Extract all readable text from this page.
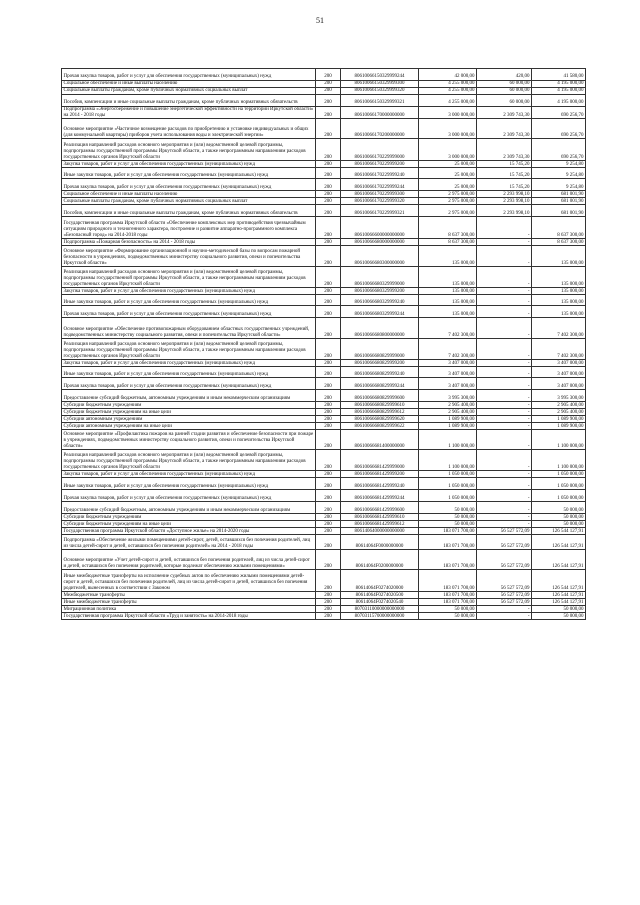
51
Прочая закупка товаров, работ и услуг для обеспечения государственных (муниципальных) нужд	200	80610066150329999244	42 000,00	420,00	41 580,00
Социальное обеспечение и иные выплаты населению	200	80610066150329999300	4 255 000,00	60 000,00	4 195 000,00
Социальные выплаты гражданам, кроме публичных нормативных социальных выплат	200	80610066150329999320	4 255 000,00	60 000,00	4 195 000,00
Пособия, компенсации и иные социальные выплаты гражданам, кроме публичных нормативных обязательств	200	80610066150329999321	4 255 000,00	60 000,00	4 195 000,00
Подпрограмма «Энергосбережение и повышение энергетической эффективности на территории Иркутской области» на 2014 - 2018 годы	200	80610066170000000000	3 000 000,00	2 309 743,30	690 256,70
Основное мероприятие «Частичное возмещение расходов по приобретению и установке индивидуальных и общих (для коммунальной квартиры) приборов учета использования воды и электрической энергии»	200	80610066170200000000	3 000 000,00	2 309 743,30	690 256,70
Реализация направлений расходов основного мероприятия и (или) ведомственной целевой программы, подпрограммы государственной программы Иркутской области, а также непрограммным направлениям расходов государственных органов Иркутской области	200	80610066170229999000	3 000 000,00	2 309 743,30	690 256,70
Закупка товаров, работ и услуг для обеспечения государственных (муниципальных) нужд	200	80610066170229999200	25 000,00	15 745,20	9 254,80
Иные закупки товаров, работ и услуг для обеспечения государственных (муниципальных) нужд	200	80610066170229999240	25 000,00	15 745,20	9 254,80
Прочая закупка товаров, работ и услуг для обеспечения государственных (муниципальных) нужд	200	80610066170229999244	25 000,00	15 745,20	9 254,80
Социальное обеспечение и иные выплаты населению	200	80610066170229999300	2 975 000,00	2 293 998,10	681 001,90
Социальные выплаты гражданам, кроме публичных нормативных социальных выплат	200	80610066170229999320	2 975 000,00	2 293 998,10	681 001,90
Пособия, компенсации и иные социальные выплаты гражданам, кроме публичных нормативных обязательств	200	80610066170229999321	2 975 000,00	2 293 998,10	681 001,90
Государственная программа Иркутской области «Обеспечение комплексных мер противодействия чрезвычайным ситуациям природного и техногенного характера, построение и развитие аппаратно-программного комплекса «Безопасный город» на 2014-2018 годы	200	80610066600000000000	8 637 300,00	-	8 637 300,00
Подпрограмма «Пожарная безопасность» на 2014 - 2018 годы	200	80610066680000000000	8 637 300,00	-	8 637 300,00
Основное мероприятие «Формирование организационной и научно-методической базы по вопросам пожарной безопасности в учреждениях, подведомственных министерству социального развития, опеки и попечительства Иркутской области»	200	80610066680300000000	135 000,00	-	135 000,00
Реализация направлений расходов основного мероприятия и (или) ведомственной целевой программы, подпрограммы государственной программы Иркутской области, а также непрограммным направлениям расходов государственных органов Иркутской области	200	80610066680329999000	135 000,00	-	135 000,00
Закупка товаров, работ и услуг для обеспечения государственных (муниципальных) нужд	200	80610066680329999200	135 000,00	-	135 000,00
Иные закупки товаров, работ и услуг для обеспечения государственных (муниципальных) нужд	200	80610066680329999240	135 000,00	-	135 000,00
Прочая закупка товаров, работ и услуг для обеспечения государственных (муниципальных) нужд	200	80610066680329999244	135 000,00	-	135 000,00
Основное мероприятие «Обеспечение противопожарным оборудованием областных государственных учреждений, подведомственных министерству социального развития, опеки и попечительства Иркутской области»	200	80610066680800000000	7 402 300,00	-	7 402 300,00
Реализация направлений расходов основного мероприятия и (или) ведомственной целевой программы, подпрограммы государственной программы Иркутской области, а также непрограммным направлениям расходов государственных органов Иркутской области	200	80610066680829999000	7 402 300,00	-	7 402 300,00
Закупка товаров, работ и услуг для обеспечения государственных (муниципальных) нужд	200	80610066680829999200	3 407 000,00	-	3 407 000,00
Иные закупки товаров, работ и услуг для обеспечения государственных (муниципальных) нужд	200	80610066680829999240	3 407 000,00	-	3 407 000,00
Прочая закупка товаров, работ и услуг для обеспечения государственных (муниципальных) нужд	200	80610066680829999244	3 407 000,00	-	3 407 000,00
Предоставление субсидий бюджетным, автономным учреждениям и иным некоммерческим организациям	200	80610066680829999600	3 995 300,00	-	3 995 300,00
Субсидии бюджетным учреждениям	200	80610066680829999610	2 905 400,00	-	2 905 400,00
Субсидии бюджетным учреждениям на иные цели	200	80610066680829999612	2 905 400,00	-	2 905 400,00
Субсидии автономным учреждениям	200	80610066680829999620	1 089 900,00	-	1 089 900,00
Субсидии автономным учреждениям на иные цели	200	80610066680829999622	1 089 900,00	-	1 089 900,00
Основное мероприятие «Профилактика пожаров на ранней стадии развития и обеспечение безопасности при пожаре в учреждениях, подведомственных министерству социального развития, опеки и попечительства Иркутской области»	200	80610066681400000000	1 100 000,00	-	1 100 000,00
Реализация направлений расходов основного мероприятия и (или) ведомственной целевой программы, подпрограммы государственной программы Иркутской области, а также непрограммным направлениям расходов государственных органов Иркутской области	200	80610066681429999000	1 100 000,00	-	1 100 000,00
Закупка товаров, работ и услуг для обеспечения государственных (муниципальных) нужд	200	80610066681429999200	1 050 000,00	-	1 050 000,00
Иные закупки товаров, работ и услуг для обеспечения государственных (муниципальных) нужд	200	80610066681429999240	1 050 000,00	-	1 050 000,00
Прочая закупка товаров, работ и услуг для обеспечения государственных (муниципальных) нужд	200	80610066681429999244	1 050 000,00	-	1 050 000,00
Предоставление субсидий бюджетным, автономным учреждениям и иным некоммерческим организациям	200	80610066681429999600	50 000,00	-	50 000,00
Субсидии бюджетным учреждениям	200	80610066681429999610	50 000,00	-	50 000,00
Субсидии бюджетным учреждениям на иные цели	200	80610066681429999612	50 000,00	-	50 000,00
Государственная программа Иркутской области «Доступное жилье» на 2014-2020 годы	200	80614064000000000000	183 071 700,00	56 527 572,09	126 544 127,91
Подпрограмма «Обеспечение жилыми помещениями детей-сирот, детей, оставшихся без попечения родителей, лиц из числа детей-сирот и детей, оставшихся без попечения родителей» на 2014 - 2018 годы	200	80614064F0000000000	183 071 700,00	56 527 572,09	126 544 127,91
Основное мероприятие «Учет детей-сирот и детей, оставшихся без попечения родителей, лиц из числа детей-сирот и детей, оставшихся без попечения родителей, которые подлежат обеспечению жилыми помещениями»	200	80614064F0200000000	183 071 700,00	56 527 572,09	126 544 127,91
Иные межбюджетные трансферты на исполнение судебных актов по обеспечению жилыми помещениями детей-сирот и детей, оставшихся без попечения родителей, лиц из числа детей-сирот и детей, оставшихся без попечения родителей, вынесенных в соответствии с Законом	200	80614064F0274020000	183 071 700,00	56 527 572,09	126 544 127,91
Межбюджетные трансферты	200	80614064F0274020500	183 071 700,00	56 527 572,09	126 544 127,91
Иные межбюджетные трансферты	200	80614064F0274020540	183 071 700,00	56 527 572,09	126 544 127,91
Миграционная политика	200	80703110000000000000	50 000,00	-	50 000,00
Государственная программа Иркутской области «Труд и занятость» на 2014-2018 годы	200	80703115700000000000	50 000,00	-	50 000,00
